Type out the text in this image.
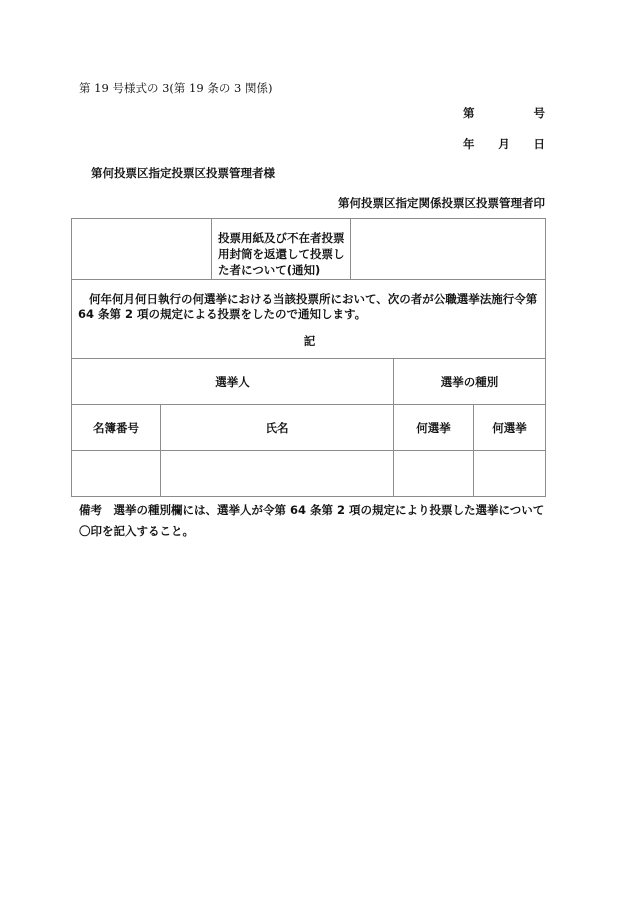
第 19 号様式の 3(第 19 条の 3 関係)
第	号
年 月 日
第何投票区指定投票区投票管理者様
第何投票区指定関係投票区投票管理者印
投票用紙及び不在者投票用封筒を返還して投票した者について(通知)
何年何月何日執行の何選挙における当該投票所において、次の者が公職選挙法施行令第 64 条第 2 項の規定による投票をしたので通知します。
記
選挙人		選挙の種別	
名簿番号	氏名	何選挙	何選挙

備考　選挙の種別欄には、選挙人が令第 64 条第 2 項の規定により投票した選挙について〇印を記入すること。
